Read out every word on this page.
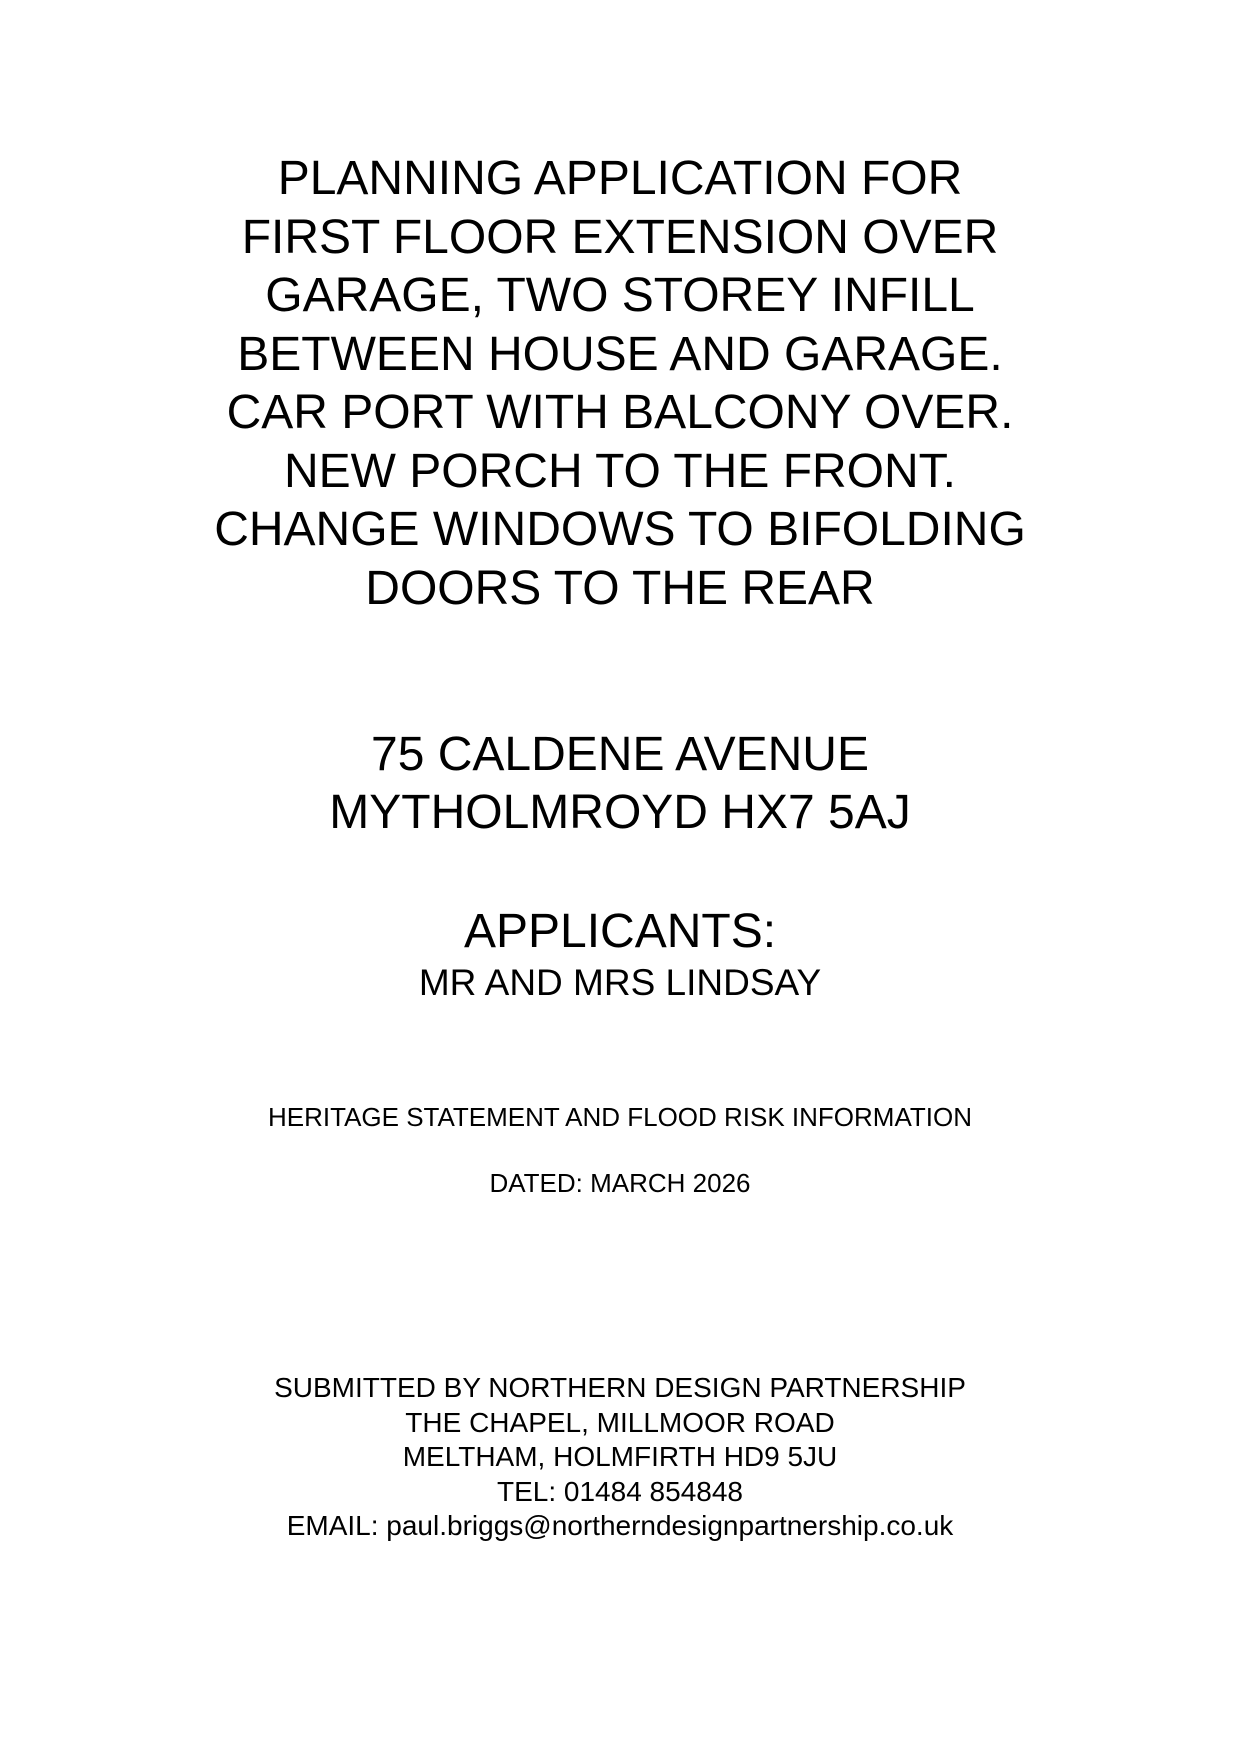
PLANNING APPLICATION FOR
FIRST FLOOR EXTENSION OVER
GARAGE, TWO STOREY INFILL
BETWEEN HOUSE AND GARAGE.
CAR PORT WITH BALCONY OVER.
NEW PORCH TO THE FRONT.
CHANGE WINDOWS TO BIFOLDING
DOORS TO THE REAR
75 CALDENE AVENUE
MYTHOLMROYD HX7 5AJ
APPLICANTS:
MR AND MRS LINDSAY
HERITAGE STATEMENT AND FLOOD RISK INFORMATION
DATED: MARCH 2026
SUBMITTED BY NORTHERN DESIGN PARTNERSHIP
THE CHAPEL, MILLMOOR ROAD
MELTHAM, HOLMFIRTH HD9 5JU
TEL: 01484 854848
EMAIL: paul.briggs@northerndesignpartnership.co.uk
